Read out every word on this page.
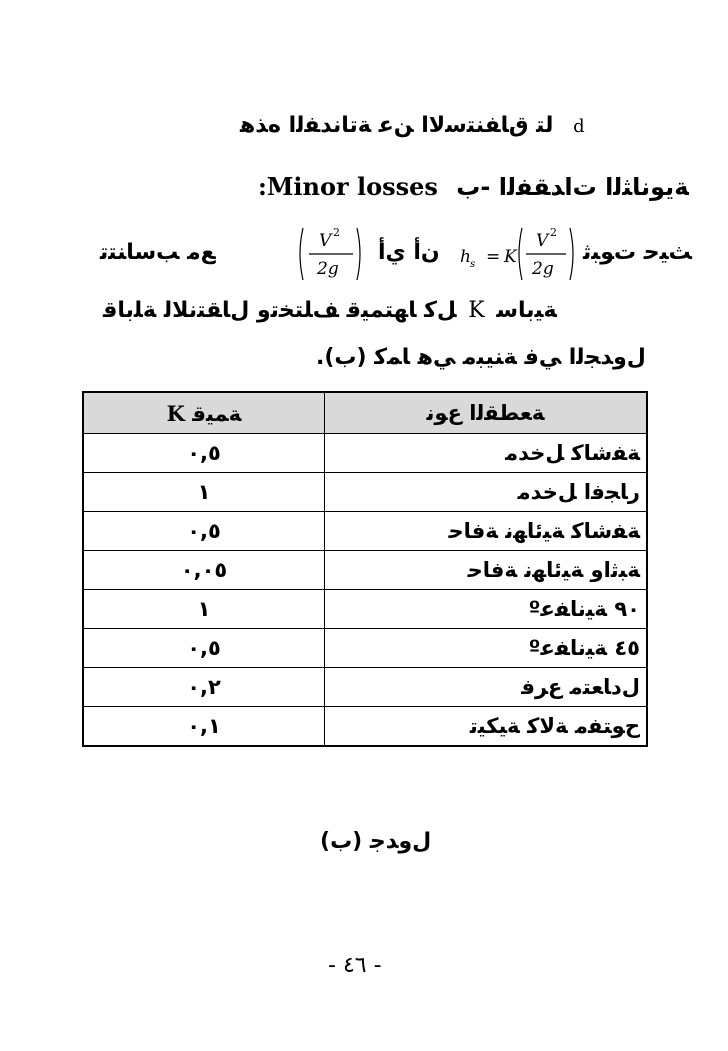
ﻟﺘ ﻕﺎﻔﻨﺘﺳﻻﺍ ﻦﻋ ﺔﺗﺎﻧﺪﻔﻟﺍ ﻩﺬﻫ d
:Minor losses ﺔﻳﻮﻧﺎﺜﻟﺍ ﺕﺍﺪﻘﻔﻟﺍ -ﺏ
ﻊﻣ ﺐﺳﺎﻨﺘﺗ	V 2
2g
ﻥﺃ ﻱﺃ h s = K
V 2
2g
ﺚﻴﺣ ﺕﻮﺒﺛ
ﻞﻛ ﺎﻬﺘﻤﻴﻗ ﻒﻠﺘﺨﺗﻭ ﻝﺎﻘﺘﻧﻼﻟ ﺔﻠﺑﺎﻗ K ﺔﻴﺑﺎﺳ
.(ﺏ) ﻝﻭﺪﺠﻟﺍ ﻲﻓ ﺔﻨﻴﺒﻣ ﻲﻫ ﺎﻤﻛ
K ﺔﻤﻴﻗ	ﺔﻌﻄﻘﻟﺍ ﻉﻮﻧ
٠,٥	ﺔﻔﺷﺎﻛ ﻞﺧﺪﻣ
١	ﺭﺎﺠﻓﺍ ﻞﺧﺪﻣ
٠,٥	ﺔﻔﺷﺎﻛ ﺔﻴﺋﺎﻬﻧ ﺔﻓﺎﺣ
٠,٠٥	ﺔﺒﺛﺍﻭ ﺔﻴﺋﺎﻬﻧ ﺔﻓﺎﺣ
١	º٩٠ ﺔﻴﻧﺎﻔﻋ
٠,٥	º٤٥ ﺔﻴﻧﺎﻔﻋ
٠,٢	ﻝﺩﺎﻌﺘﻣ ﻉﺮﻓ
٠,١	ﺡﻮﺘﻔﻣ ﺔﻟﺎﻛ ﺔﻴﻜﻴﺗ
(ب) ﻝﻭﺪﺟ
- ٤٦ -
